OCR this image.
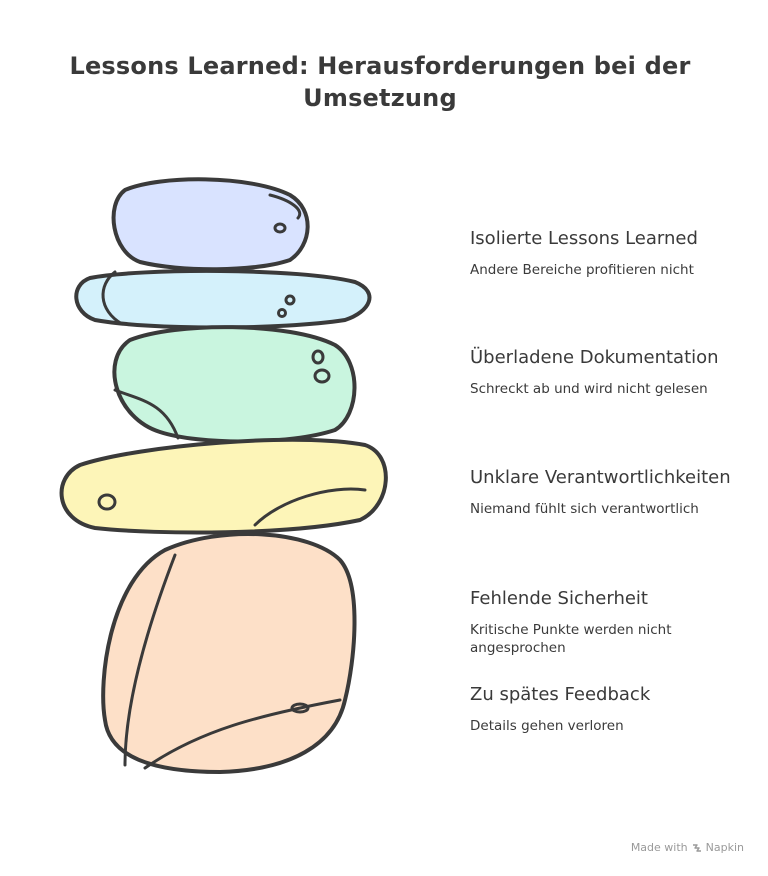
Lessons Learned: Herausforderungen bei der Umsetzung
Isolierte Lessons Learned
Andere Bereiche profitieren nicht
Überladene Dokumentation
Schreckt ab und wird nicht gelesen
Unklare Verantwortlichkeiten
Niemand fühlt sich verantwortlich
Fehlende Sicherheit
Kritische Punkte werden nicht angesprochen
Zu spätes Feedback
Details gehen verloren
Made with Napkin
